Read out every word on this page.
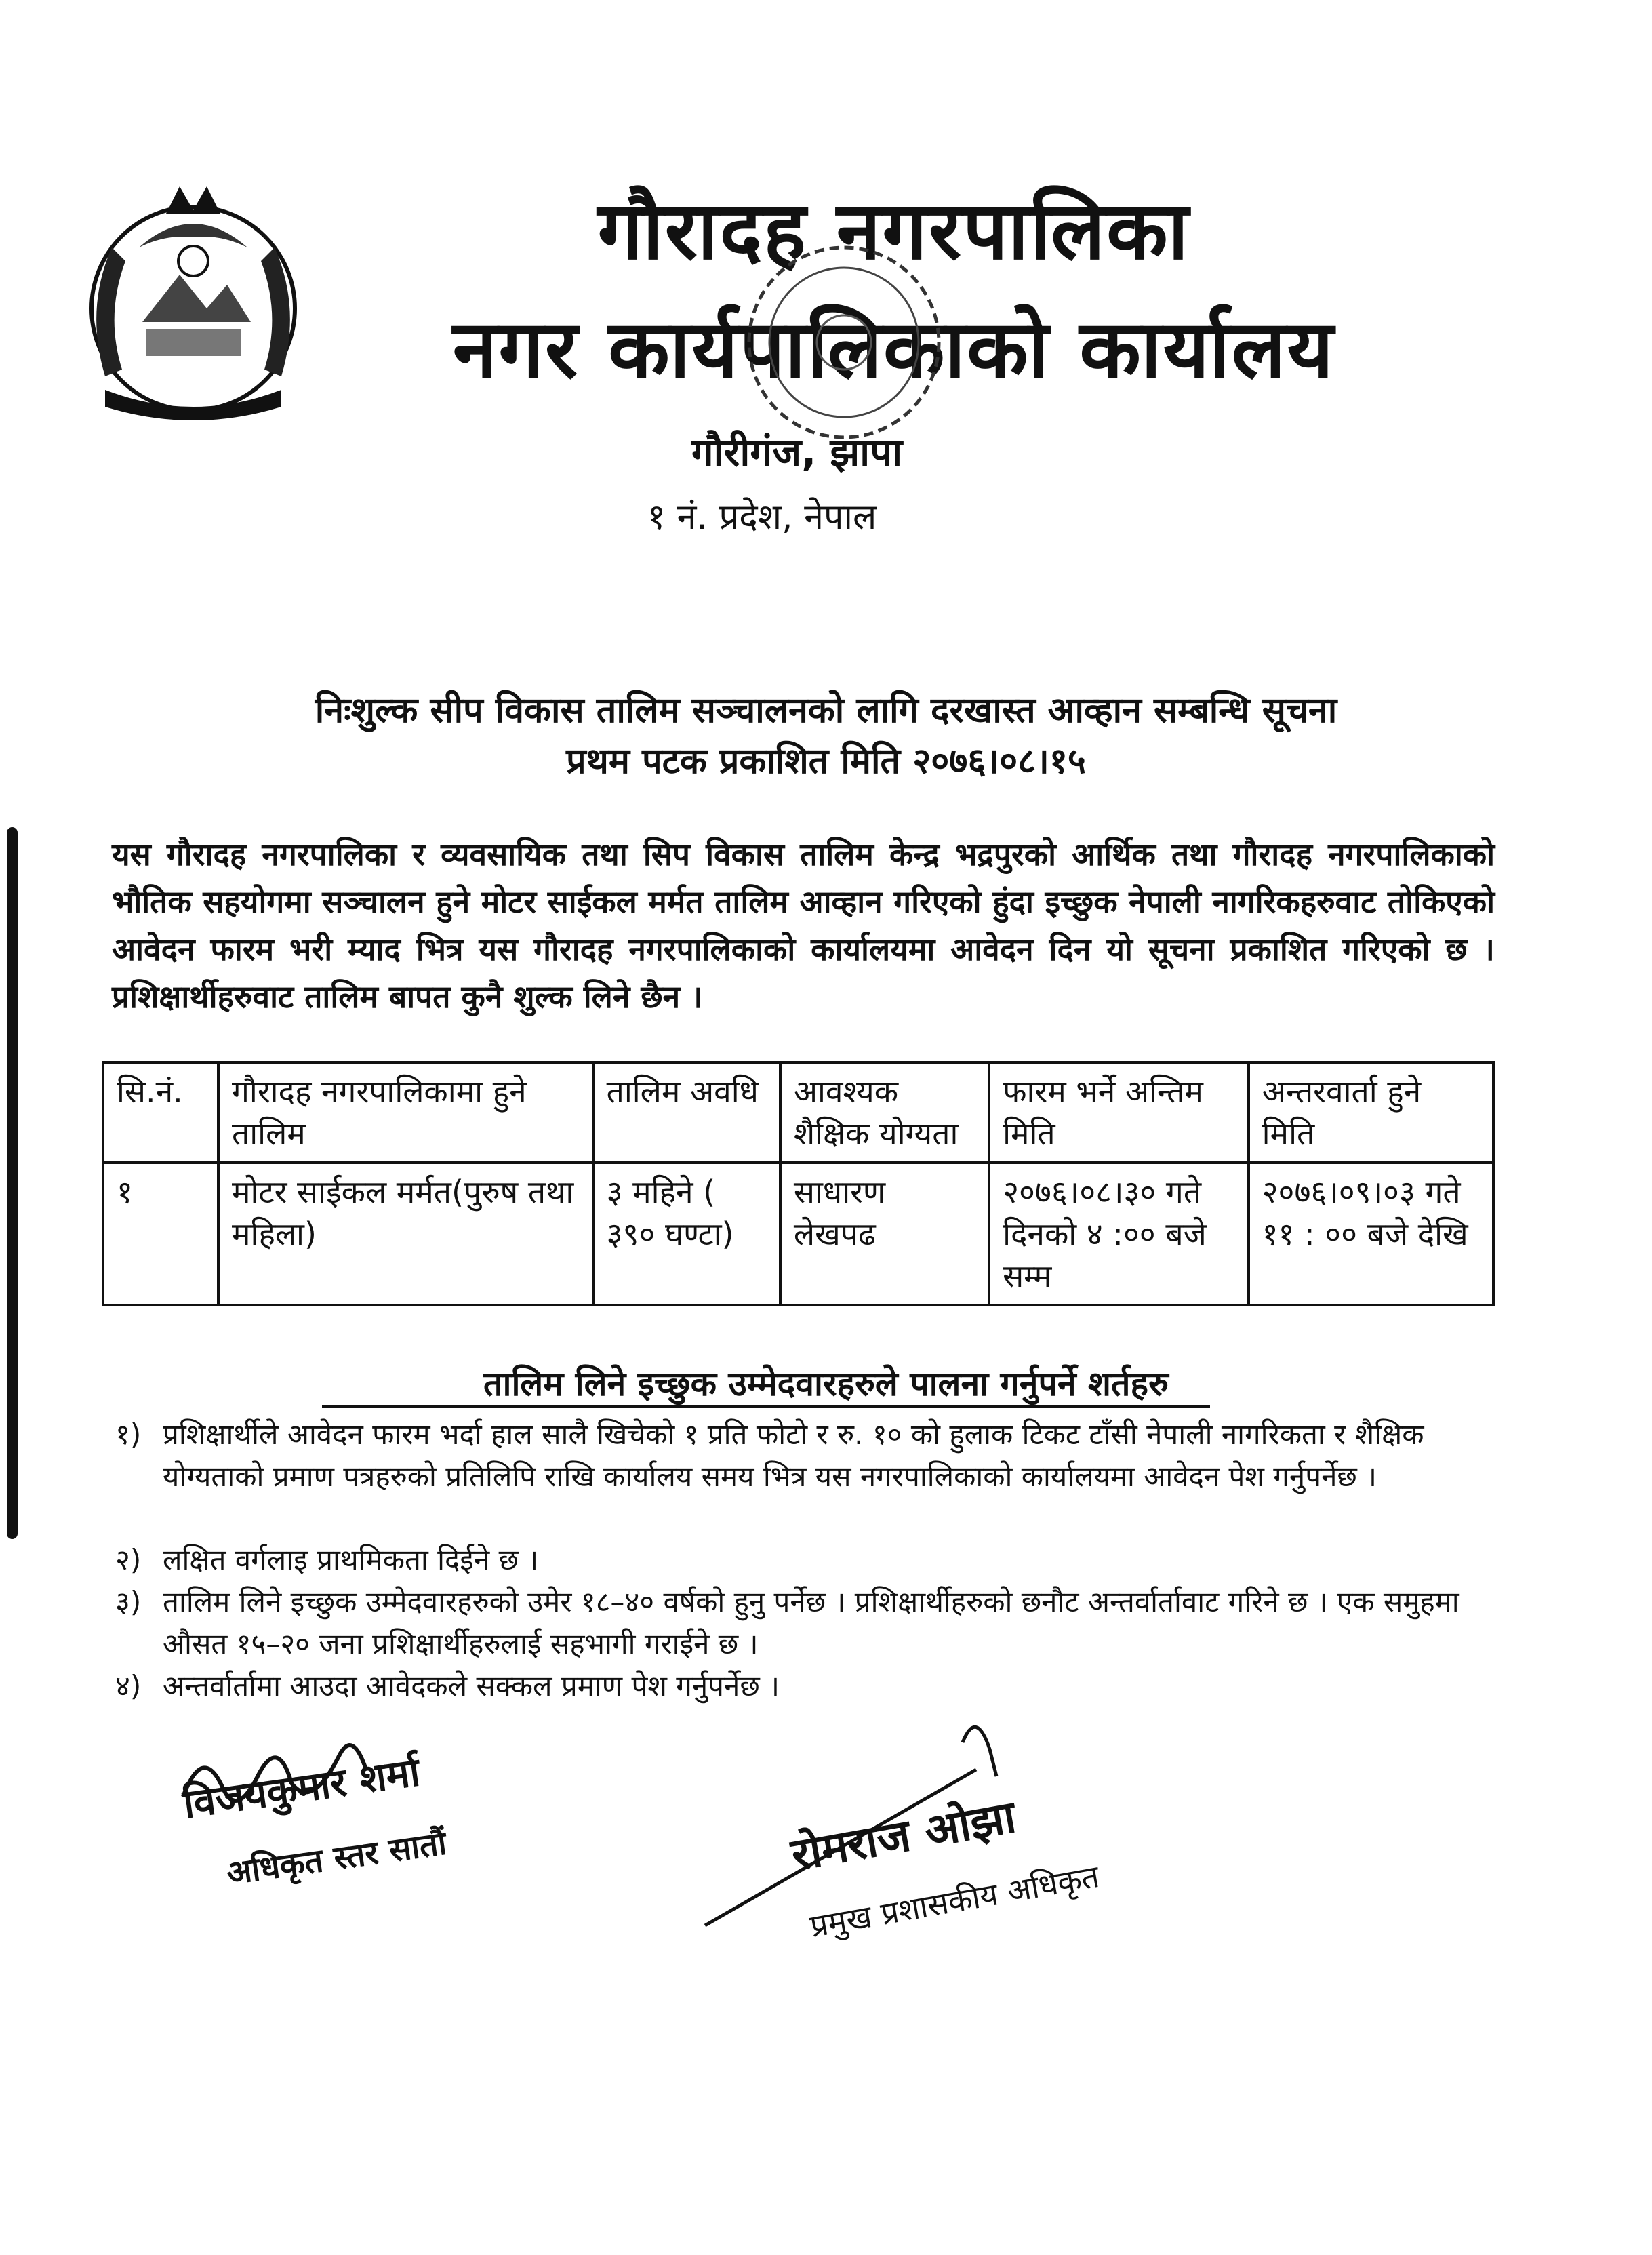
गौरादह नगरपालिका
नगर कार्यपालिकाको कार्यालय
गौरीगंज, झापा
१ नं. प्रदेश, नेपाल
निःशुल्क सीप विकास तालिम सञ्चालनको लागि दरखास्त आव्हान सम्बन्धि सूचना
प्रथम पटक प्रकाशित मिति २०७६।०८।१५
यस गौरादह नगरपालिका र व्यवसायिक तथा सिप विकास तालिम केन्द्र भद्रपुरको आर्थिक तथा गौरादह नगरपालिकाको भौतिक सहयोगमा सञ्चालन हुने मोटर साईकल मर्मत तालिम आव्हान गरिएको हुंदा इच्छुक नेपाली नागरिकहरुवाट तोकिएको आवेदन फारम भरी म्याद भित्र यस गौरादह नगरपालिकाको कार्यालयमा आवेदन दिन यो सूचना प्रकाशित गरिएको छ । प्रशिक्षार्थीहरुवाट तालिम बापत कुनै शुल्क लिने छैन ।
सि.नं.	गौरादह नगरपालिकामा हुने तालिम	तालिम अवधि	आवश्यक शैक्षिक योग्यता	फारम भर्ने अन्तिम मिति	अन्तरवार्ता हुने मिति
१	मोटर साईकल मर्मत(पुरुष तथा महिला)	३ महिने ( ३९० घण्टा)	साधारण लेखपढ	२०७६।०८।३० गते दिनको ४ :०० बजे सम्म	२०७६।०९।०३ गते ११ : ०० बजे देखि
तालिम लिने इच्छुक उम्मेदवारहरुले पालना गर्नुपर्ने शर्तहरु
१) प्रशिक्षार्थीले आवेदन फारम भर्दा हाल सालै खिचेको १ प्रति फोटो र रु. १० को हुलाक टिकट टाँसी नेपाली नागरिकता र शैक्षिक योग्यताको प्रमाण पत्रहरुको प्रतिलिपि राखि कार्यालय समय भित्र यस नगरपालिकाको कार्यालयमा आवेदन पेश गर्नुपर्नेछ ।
२) लक्षित वर्गलाइ प्राथमिकता दिईने छ ।
३) तालिम लिने इच्छुक उम्मेदवारहरुको उमेर १८–४० वर्षको हुनु पर्नेछ । प्रशिक्षार्थीहरुको छनौट अन्तर्वार्तावाट गरिने छ । एक समुहमा औसत १५–२० जना प्रशिक्षार्थीहरुलाई सहभागी गराईने छ ।
४) अन्तर्वार्तामा आउदा आवेदकले सक्कल प्रमाण पेश गर्नुपर्नेछ ।
विजयकुमार शर्मा
अधिकृत स्तर सातौं	रोमराज ओझा
प्रमुख प्रशासकीय अधिकृत
